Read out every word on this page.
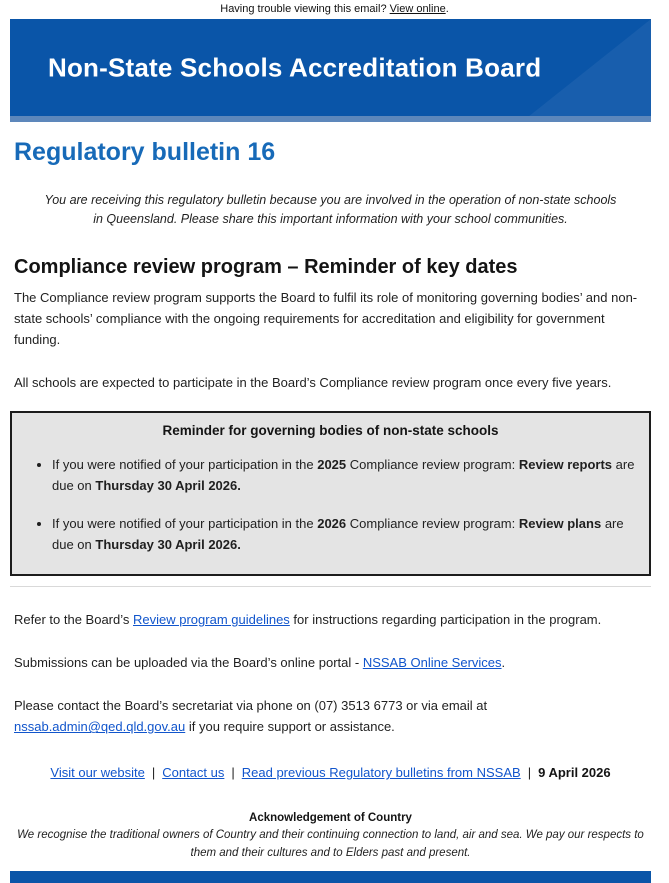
Having trouble viewing this email? View online.
Non-State Schools Accreditation Board
Regulatory bulletin 16

You are receiving this regulatory bulletin because you are involved in the operation of non-state schools in Queensland. Please share this important information with your school communities.

Compliance review program – Reminder of key dates

The Compliance review program supports the Board to fulfil its role of monitoring governing bodies’ and non-state schools’ compliance with the ongoing requirements for accreditation and eligibility for government funding.

All schools are expected to participate in the Board’s Compliance review program once every five years.

Reminder for governing bodies of non-state schools
• If you were notified of your participation in the 2025 Compliance review program: Review reports are due on Thursday 30 April 2026.
• If you were notified of your participation in the 2026 Compliance review program: Review plans are due on Thursday 30 April 2026.

Refer to the Board’s Review program guidelines for instructions regarding participation in the program.

Submissions can be uploaded via the Board’s online portal - NSSAB Online Services.

Please contact the Board’s secretariat via phone on (07) 3513 6773 or via email at nssab.admin@qed.qld.gov.au if you require support or assistance.

Visit our website | Contact us | Read previous Regulatory bulletins from NSSAB | 9 April 2026
Acknowledgement of Country

We recognise the traditional owners of Country and their continuing connection to land, air and sea. We pay our respects to them and their cultures and to Elders past and present.
